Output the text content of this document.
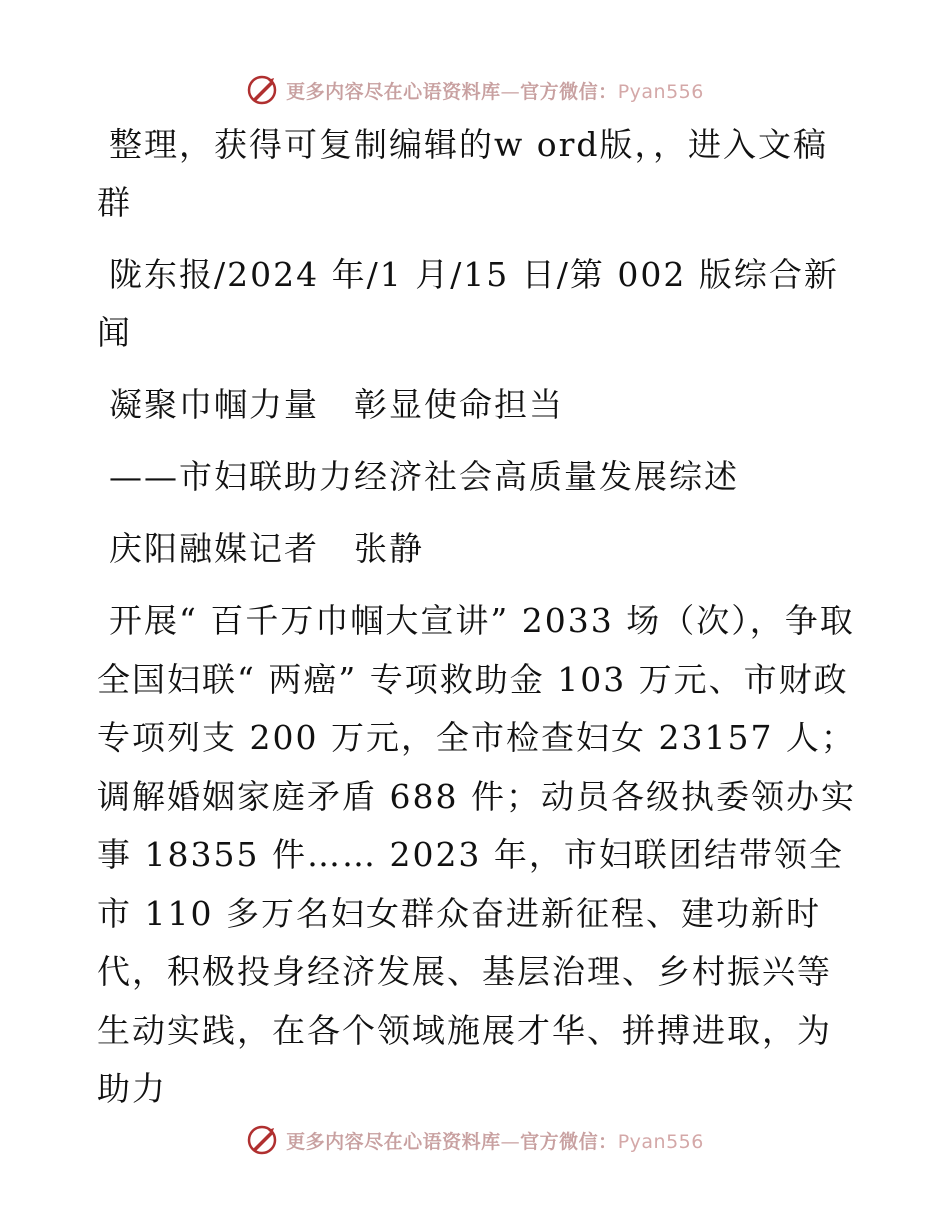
更多内容尽在心语资料库—官方微信：Pyan556

整理，获得可复制编辑的w ord版，，进入文稿群

陇东报/2024 年/1 月/15 日/第 002 版综合新闻

凝聚巾帼力量　彰显使命担当

——市妇联助力经济社会高质量发展综述

庆阳融媒记者　张静

开展“ 百千万巾帼大宣讲” 2033 场（次），争取全国妇联“ 两癌” 专项救助金 103 万元、市财政专项列支 200 万元，全市检查妇女 23157 人；调解婚姻家庭矛盾 688 件；动员各级执委领办实事 18355 件…… 2023 年，市妇联团结带领全市 110 多万名妇女群众奋进新征程、建功新时代，积极投身经济发展、基层治理、乡村振兴等生动实践，在各个领域施展才华、拼搏进取，为助力

更多内容尽在心语资料库—官方微信：Pyan556
